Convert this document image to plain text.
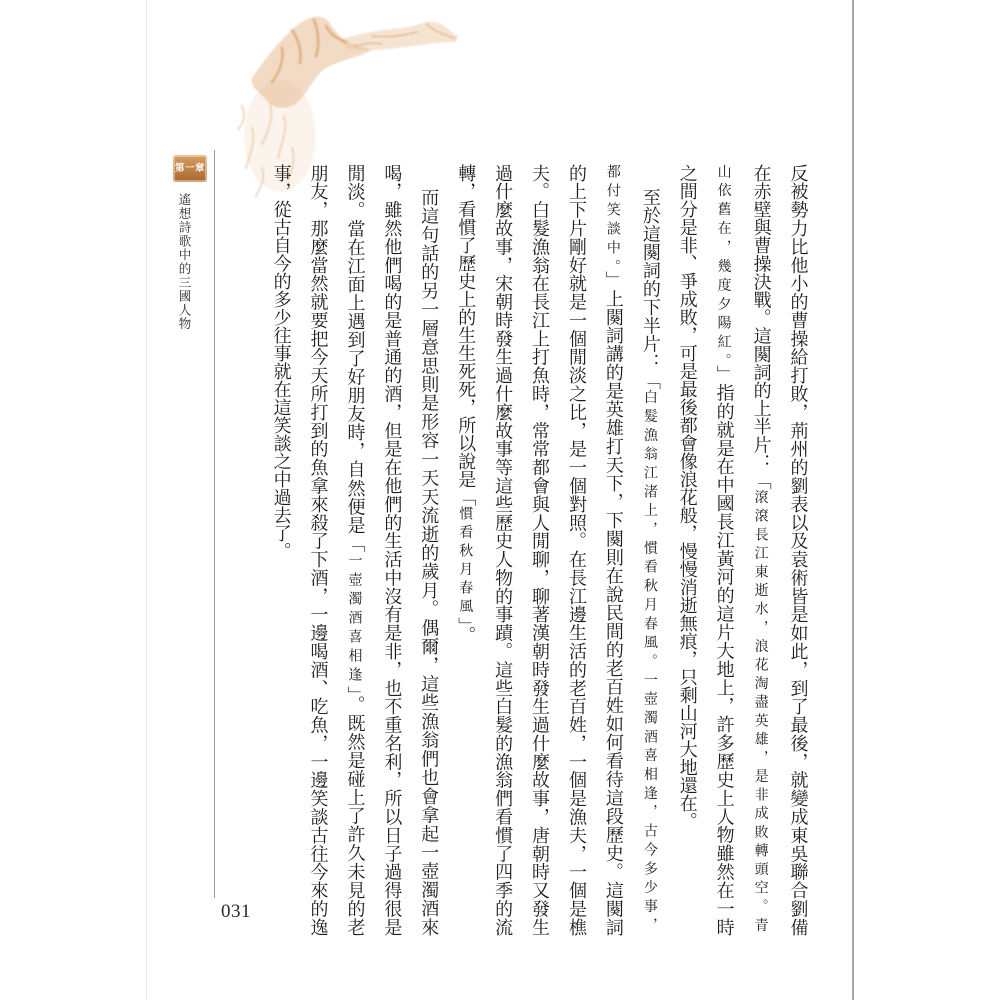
第一章
遙想詩歌中的三國人物
031	反被勢力比他小的曹操給打敗，荊州的劉表以及袁術皆是如此，到了最後，就變成東吳聯合劉備
在赤壁與曹操決戰。這闋詞的上半片：「滾滾長江東逝水，浪花淘盡英雄，是非成敗轉頭空。青
山依舊在，幾度夕陽紅。」指的就是在中國長江黃河的這片大地上，許多歷史上人物雖然在一時
之間分是非、爭成敗，可是最後都會像浪花般，慢慢消逝無痕，只剩山河大地還在。
至於這闋詞的下半片：「白髮漁翁江渚上，慣看秋月春風。一壺濁酒喜相逢，古今多少事，
都付笑談中。」上闋詞講的是英雄打天下，下闋則在說民間的老百姓如何看待這段歷史。這闋詞
的上下片剛好就是一個閒淡之比，是一個對照。在長江邊生活的老百姓，一個是漁夫，一個是樵
夫。白髮漁翁在長江上打魚時，常常都會與人閒聊，聊著漢朝時發生過什麼故事，唐朝時又發生
過什麼故事，宋朝時發生過什麼故事等這些歷史人物的事蹟。這些白髮的漁翁們看慣了四季的流
轉，看慣了歷史上的生生死死，所以說是「慣看秋月春風」。
而這句話的另一層意思則是形容一天天流逝的歲月。偶爾，這些漁翁們也會拿起一壺濁酒來
喝，雖然他們喝的是普通的酒，但是在他們的生活中沒有是非，也不重名利，所以日子過得很是
閒淡。當在江面上遇到了好朋友時，自然便是「一壺濁酒喜相逢」。既然是碰上了許久未見的老
朋友，那麼當然就要把今天所打到的魚拿來殺了下酒，一邊喝酒、吃魚，一邊笑談古往今來的逸
事，從古自今的多少往事就在這笑談之中過去了。
